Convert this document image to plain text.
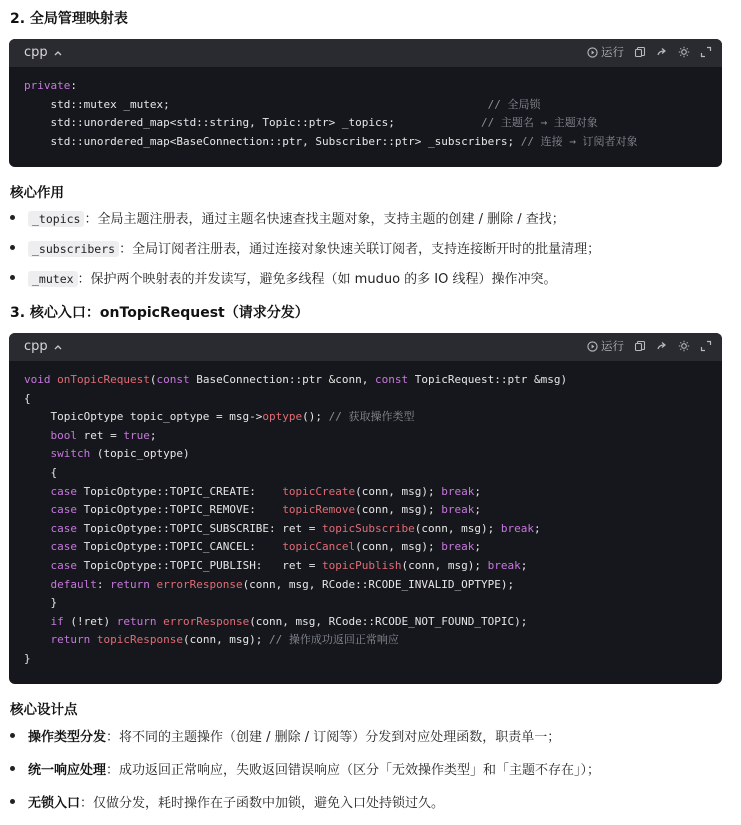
2. 全局管理映射表
cpp	运行
private:
std::mutex _mutex;                                                // 全局锁
std::unordered_map<std::string, Topic::ptr> _topics;             // 主题名 → 主题对象
std::unordered_map<BaseConnection::ptr, Subscriber::ptr> _subscribers; // 连接 → 订阅者对象
核心作用
_topics ：全局主题注册表，通过主题名快速查找主题对象，支持主题的创建 / 删除 / 查找；
_subscribers ：全局订阅者注册表，通过连接对象快速关联订阅者，支持连接断开时的批量清理；
_mutex ：保护两个映射表的并发读写，避免多线程（如 muduo 的多 IO 线程）操作冲突。
3. 核心入口：onTopicRequest（请求分发）
cpp	运行
void onTopicRequest(const BaseConnection::ptr &conn, const TopicRequest::ptr &msg)
{
TopicOptype topic_optype = msg->optype(); // 获取操作类型
bool ret = true;
switch (topic_optype)
{
case TopicOptype::TOPIC_CREATE:    topicCreate(conn, msg); break;
case TopicOptype::TOPIC_REMOVE:    topicRemove(conn, msg); break;
case TopicOptype::TOPIC_SUBSCRIBE: ret = topicSubscribe(conn, msg); break;
case TopicOptype::TOPIC_CANCEL:    topicCancel(conn, msg); break;
case TopicOptype::TOPIC_PUBLISH:   ret = topicPublish(conn, msg); break;
default: return errorResponse(conn, msg, RCode::RCODE_INVALID_OPTYPE);
}
if (!ret) return errorResponse(conn, msg, RCode::RCODE_NOT_FOUND_TOPIC);
return topicResponse(conn, msg); // 操作成功返回正常响应
}
核心设计点
操作类型分发：将不同的主题操作（创建 / 删除 / 订阅等）分发到对应处理函数，职责单一；
统一响应处理：成功返回正常响应，失败返回错误响应（区分「无效操作类型」和「主题不存在」）；
无锁入口：仅做分发，耗时操作在子函数中加锁，避免入口处持锁过久。
